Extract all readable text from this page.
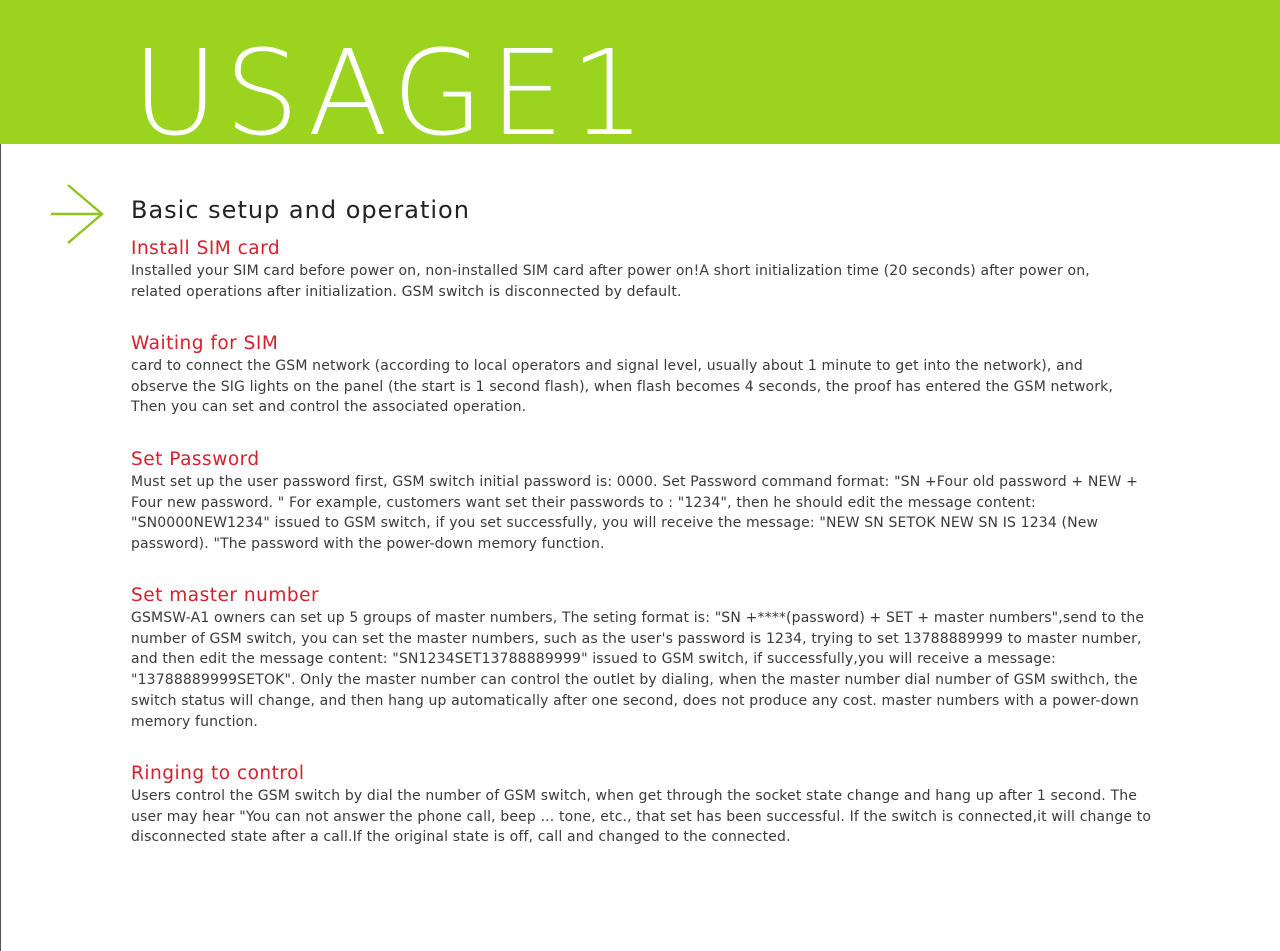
USAGE1
Basic setup and operation
Install SIM card

Installed your SIM card before power on, non-installed SIM card after power on!A short initialization time (20 seconds) after power on,

related operations after initialization. GSM switch is disconnected by default.

Waiting for SIM

card to connect the GSM network (according to local operators and signal level, usually about 1 minute to get into the network), and

observe the SIG lights on the panel (the start is 1 second flash), when flash becomes 4 seconds, the proof has entered the GSM network,

Then you can set and control the associated operation.

Set Password

Must set up the user password first, GSM switch initial password is: 0000. Set Password command format: "SN +Four old password + NEW +

Four new password. " For example, customers want set their passwords to : "1234", then he should edit the message content:

"SN0000NEW1234" issued to GSM switch, if you set successfully, you will receive the message: "NEW SN SETOK NEW SN IS 1234 (New

password). "The password with the power-down memory function.

Set master number

GSMSW-A1 owners can set up 5 groups of master numbers, The seting format is: "SN +****(password) + SET + master numbers",send to the

number of GSM switch, you can set the master numbers, such as the user's password is 1234, trying to set 13788889999 to master number,

and then edit the message content: "SN1234SET13788889999" issued to GSM switch, if successfully,you will receive a message:

"13788889999SETOK". Only the master number can control the outlet by dialing, when the master number dial number of GSM swithch, the

switch status will change, and then hang up automatically after one second, does not produce any cost. master numbers with a power-down

memory function.

Ringing to control

Users control the GSM switch by dial the number of GSM switch, when get through the socket state change and hang up after 1 second. The

user may hear "You can not answer the phone call, beep ... tone, etc., that set has been successful. If the switch is connected,it will change to

disconnected state after a call.If the original state is off, call and changed to the connected.
